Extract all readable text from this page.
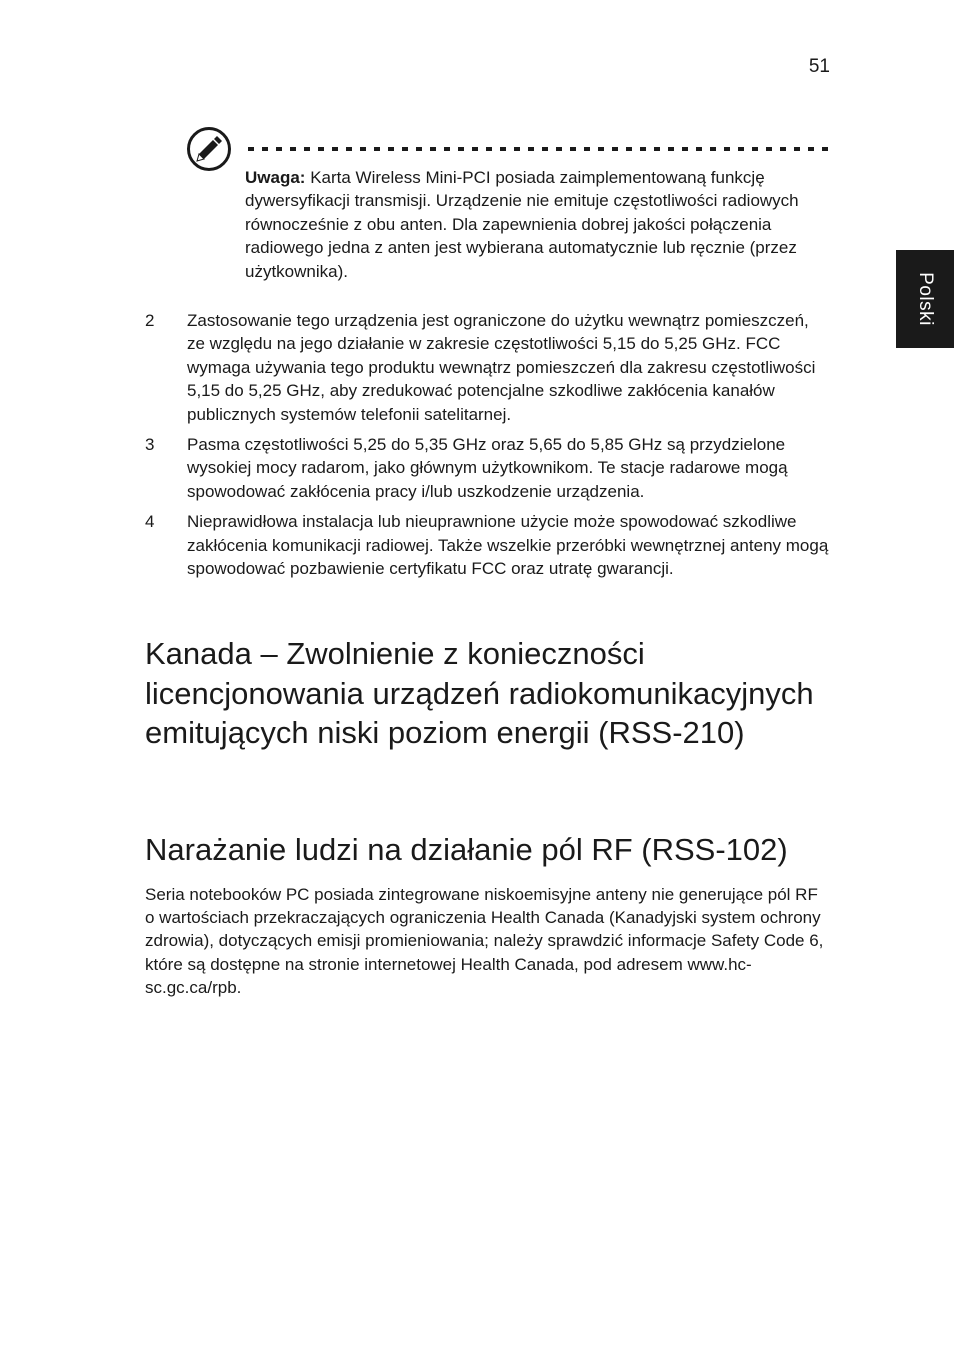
51
Polski
Uwaga: Karta Wireless Mini-PCI posiada zaimplementowaną funkcję dywersyfikacji transmisji. Urządzenie nie emituje częstotliwości radiowych równocześnie z obu anten. Dla zapewnienia dobrej jakości połączenia radiowego jedna z anten jest wybierana automatycznie lub ręcznie (przez użytkownika).
2 Zastosowanie tego urządzenia jest ograniczone do użytku wewnątrz pomieszczeń, ze względu na jego działanie w zakresie częstotliwości 5,15 do 5,25 GHz. FCC wymaga używania tego produktu wewnątrz pomieszczeń dla zakresu częstotliwości 5,15 do 5,25 GHz, aby zredukować potencjalne szkodliwe zakłócenia kanałów publicznych systemów telefonii satelitarnej.
3 Pasma częstotliwości 5,25 do 5,35 GHz oraz 5,65 do 5,85 GHz są przydzielone wysokiej mocy radarom, jako głównym użytkownikom. Te stacje radarowe mogą spowodować zakłócenia pracy i/lub uszkodzenie urządzenia.
4 Nieprawidłowa instalacja lub nieuprawnione użycie może spowodować szkodliwe zakłócenia komunikacji radiowej. Także wszelkie przeróbki wewnętrznej anteny mogą spowodować pozbawienie certyfikatu FCC oraz utratę gwarancji.
Kanada – Zwolnienie z konieczności licencjonowania urządzeń radiokomunikacyjnych emitujących niski poziom energii (RSS-210)
Narażanie ludzi na działanie pól RF (RSS-102)

Seria notebooków PC posiada zintegrowane niskoemisyjne anteny nie generujące pól RF o wartościach przekraczających ograniczenia Health Canada (Kanadyjski system ochrony zdrowia), dotyczących emisji promieniowania; należy sprawdzić informacje Safety Code 6, które są dostępne na stronie internetowej Health Canada, pod adresem www.hc-sc.gc.ca/rpb.
